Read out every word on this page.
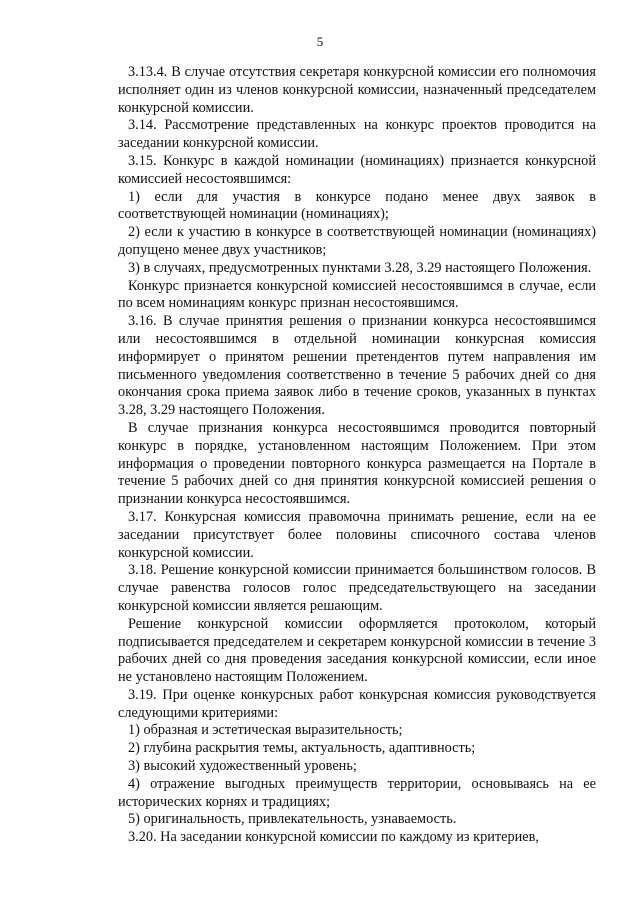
5

3.13.4. В случае отсутствия секретаря конкурсной комиссии его полномочия исполняет один из членов конкурсной комиссии, назначенный председателем конкурсной комиссии.

3.14. Рассмотрение представленных на конкурс проектов проводится на заседании конкурсной комиссии.

3.15. Конкурс в каждой номинации (номинациях) признается конкурсной комиссией несостоявшимся:

1) если для участия в конкурсе подано менее двух заявок в соответствующей номинации (номинациях);

2) если к участию в конкурсе в соответствующей номинации (номинациях) допущено менее двух участников;

3) в случаях, предусмотренных пунктами 3.28, 3.29 настоящего Положения.

Конкурс признается конкурсной комиссией несостоявшимся в случае, если по всем номинациям конкурс признан несостоявшимся.

3.16. В случае принятия решения о признании конкурса несостоявшимся или несостоявшимся в отдельной номинации конкурсная комиссия информирует о принятом решении претендентов путем направления им письменного уведомления соответственно в течение 5 рабочих дней со дня окончания срока приема заявок либо в течение сроков, указанных в пунктах 3.28, 3.29 настоящего Положения.

В случае признания конкурса несостоявшимся проводится повторный конкурс в порядке, установленном настоящим Положением. При этом информация о проведении повторного конкурса размещается на Портале в течение 5 рабочих дней со дня принятия конкурсной комиссией решения о признании конкурса несостоявшимся.

3.17. Конкурсная комиссия правомочна принимать решение, если на ее заседании присутствует более половины списочного состава членов конкурсной комиссии.

3.18. Решение конкурсной комиссии принимается большинством голосов. В случае равенства голосов голос председательствующего на заседании конкурсной комиссии является решающим.

Решение конкурсной комиссии оформляется протоколом, который подписывается председателем и секретарем конкурсной комиссии в течение 3 рабочих дней со дня проведения заседания конкурсной комиссии, если иное не установлено настоящим Положением.

3.19. При оценке конкурсных работ конкурсная комиссия руководствуется следующими критериями:

1) образная и эстетическая выразительность;

2) глубина раскрытия темы, актуальность, адаптивность;

3) высокий художественный уровень;

4) отражение выгодных преимуществ территории, основываясь на ее исторических корнях и традициях;

5) оригинальность, привлекательность, узнаваемость.

3.20. На заседании конкурсной комиссии по каждому из критериев,
